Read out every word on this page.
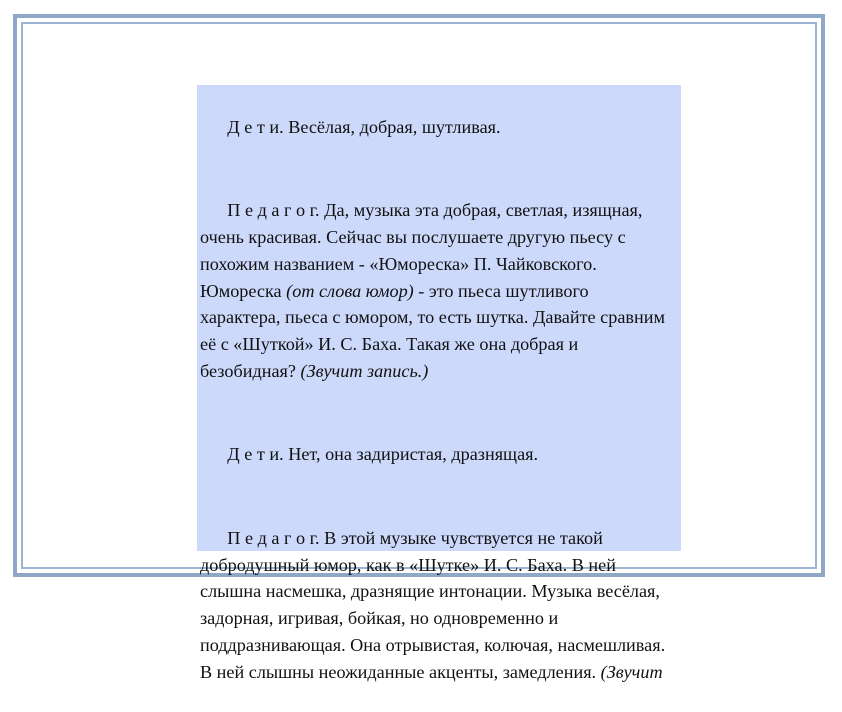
Д е т и. Весёлая, добрая, шутливая.

П е д а г о г. Да, музыка эта добрая, светлая, изящная, очень красивая. Сейчас вы послушаете другую пьесу с похожим названием - «Юмореска» П. Чайковского. Юмореска (от слова юмор) - это пьеса шутливого  характера, пьеса с юмором, то есть шутка. Давайте сравним её с «Шуткой» И. С. Баха. Такая же она добрая и безобидная? (Звучит запись.)

Д е т и. Нет, она задиристая, дразнящая.

П е д а г о г. В этой музыке чувствуется не такой добродушный юмор, как в «Шутке» И. С. Баха. В ней слышна насмешка, дразнящие интонации. Музыка весёлая, задорная, игривая, бойкая, но одновременно и поддразнивающая. Она отрывистая, колючая, насмешливая. В ней слышны неожиданные акценты, замедления. (Звучит
